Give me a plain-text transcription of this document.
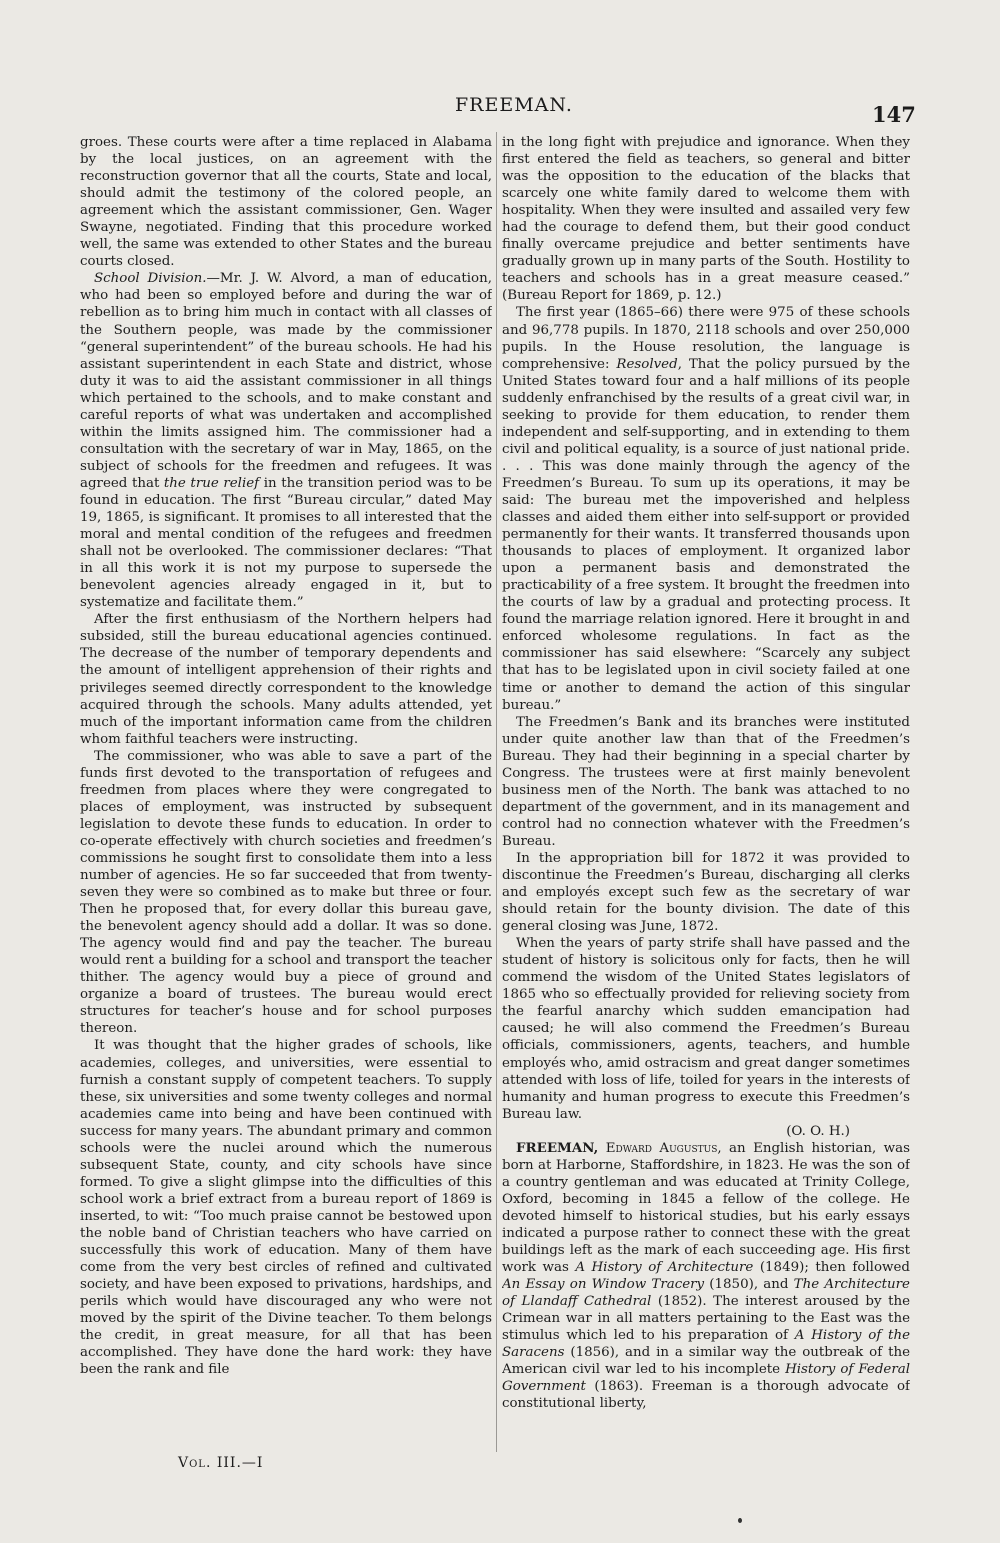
FREEMAN.	147

groes. These courts were after a time replaced in Alabama by the local justices, on an agreement with the reconstruction governor that all the courts, State and local, should admit the testimony of the colored people, an agreement which the assistant commissioner, Gen. Wager Swayne, negotiated. Finding that this procedure worked well, the same was extended to other States and the bureau courts closed.

School Division.—Mr. J. W. Alvord, a man of education, who had been so employed before and during the war of rebellion as to bring him much in contact with all classes of the Southern people, was made by the commissioner “general superintendent” of the bureau schools. He had his assistant superintendent in each State and district, whose duty it was to aid the assistant commissioner in all things which pertained to the schools, and to make constant and careful reports of what was undertaken and accomplished within the limits assigned him. The commissioner had a consultation with the secretary of war in May, 1865, on the subject of schools for the freedmen and refugees. It was agreed that the true relief in the transition period was to be found in education. The first “Bureau circular,” dated May 19, 1865, is significant. It promises to all interested that the moral and mental condition of the refugees and freedmen shall not be overlooked. The commissioner declares: “That in all this work it is not my purpose to supersede the benevolent agencies already engaged in it, but to systematize and facilitate them.”

After the first enthusiasm of the Northern helpers had subsided, still the bureau educational agencies continued. The decrease of the number of temporary dependents and the amount of intelligent apprehension of their rights and privileges seemed directly correspondent to the knowledge acquired through the schools. Many adults attended, yet much of the important information came from the children whom faithful teachers were instructing.

The commissioner, who was able to save a part of the funds first devoted to the transportation of refugees and freedmen from places where they were congregated to places of employment, was instructed by subsequent legislation to devote these funds to education. In order to co-operate effectively with church societies and freedmen’s commissions he sought first to consolidate them into a less number of agencies. He so far succeeded that from twenty-seven they were so combined as to make but three or four. Then he proposed that, for every dollar this bureau gave, the benevolent agency should add a dollar. It was so done. The agency would find and pay the teacher. The bureau would rent a building for a school and transport the teacher thither. The agency would buy a piece of ground and organize a board of trustees. The bureau would erect structures for teacher’s house and for school purposes thereon.

It was thought that the higher grades of schools, like academies, colleges, and universities, were essential to furnish a constant supply of competent teachers. To supply these, six universities and some twenty colleges and normal academies came into being and have been continued with success for many years. The abundant primary and common schools were the nuclei around which the numerous subsequent State, county, and city schools have since formed. To give a slight glimpse into the difficulties of this school work a brief extract from a bureau report of 1869 is inserted, to wit: “Too much praise cannot be bestowed upon the noble band of Christian teachers who have carried on successfully this work of education. Many of them have come from the very best circles of refined and cultivated society, and have been exposed to privations, hardships, and perils which would have discouraged any who were not moved by the spirit of the Divine teacher. To them belongs the credit, in great measure, for all that has been accomplished. They have done the hard work: they have been the rank and file

in the long fight with prejudice and ignorance. When they first entered the field as teachers, so general and bitter was the opposition to the education of the blacks that scarcely one white family dared to welcome them with hospitality. When they were insulted and assailed very few had the courage to defend them, but their good conduct finally overcame prejudice and better sentiments have gradually grown up in many parts of the South. Hostility to teachers and schools has in a great measure ceased.” (Bureau Report for 1869, p. 12.)

The first year (1865–66) there were 975 of these schools and 96,778 pupils. In 1870, 2118 schools and over 250,000 pupils. In the House resolution, the language is comprehensive: Resolved, That the policy pursued by the United States toward four and a half millions of its people suddenly enfranchised by the results of a great civil war, in seeking to provide for them education, to render them independent and self-supporting, and in extending to them civil and political equality, is a source of just national pride. . . . This was done mainly through the agency of the Freedmen’s Bureau. To sum up its operations, it may be said: The bureau met the impoverished and helpless classes and aided them either into self-support or provided permanently for their wants. It transferred thousands upon thousands to places of employment. It organized labor upon a permanent basis and demonstrated the practicability of a free system. It brought the freedmen into the courts of law by a gradual and protecting process. It found the marriage relation ignored. Here it brought in and enforced wholesome regulations. In fact as the commissioner has said elsewhere: “Scarcely any subject that has to be legislated upon in civil society failed at one time or another to demand the action of this singular bureau.”

The Freedmen’s Bank and its branches were instituted under quite another law than that of the Freedmen’s Bureau. They had their beginning in a special charter by Congress. The trustees were at first mainly benevolent business men of the North. The bank was attached to no department of the government, and in its management and control had no connection whatever with the Freedmen’s Bureau.

In the appropriation bill for 1872 it was provided to discontinue the Freedmen’s Bureau, discharging all clerks and employés except such few as the secretary of war should retain for the bounty division. The date of this general closing was June, 1872.

When the years of party strife shall have passed and the student of history is solicitous only for facts, then he will commend the wisdom of the United States legislators of 1865 who so effectually provided for relieving society from the fearful anarchy which sudden emancipation had caused; he will also commend the Freedmen’s Bureau officials, commissioners, agents, teachers, and humble employés who, amid ostracism and great danger sometimes attended with loss of life, toiled for years in the interests of humanity and human progress to execute this Freedmen’s Bureau law.
(O. O. H.)

FREEMAN, Edward Augustus, an English historian, was born at Harborne, Staffordshire, in 1823. He was the son of a country gentleman and was educated at Trinity College, Oxford, becoming in 1845 a fellow of the college. He devoted himself to historical studies, but his early essays indicated a purpose rather to connect these with the great buildings left as the mark of each succeeding age. His first work was A History of Architecture (1849); then followed An Essay on Window Tracery (1850), and The Architecture of Llandaff Cathedral (1852). The interest aroused by the Crimean war in all matters pertaining to the East was the stimulus which led to his preparation of A History of the Saracens (1856), and in a similar way the outbreak of the American civil war led to his incomplete History of Federal Government (1863). Freeman is a thorough advocate of constitutional liberty,

Vol. III.—I
